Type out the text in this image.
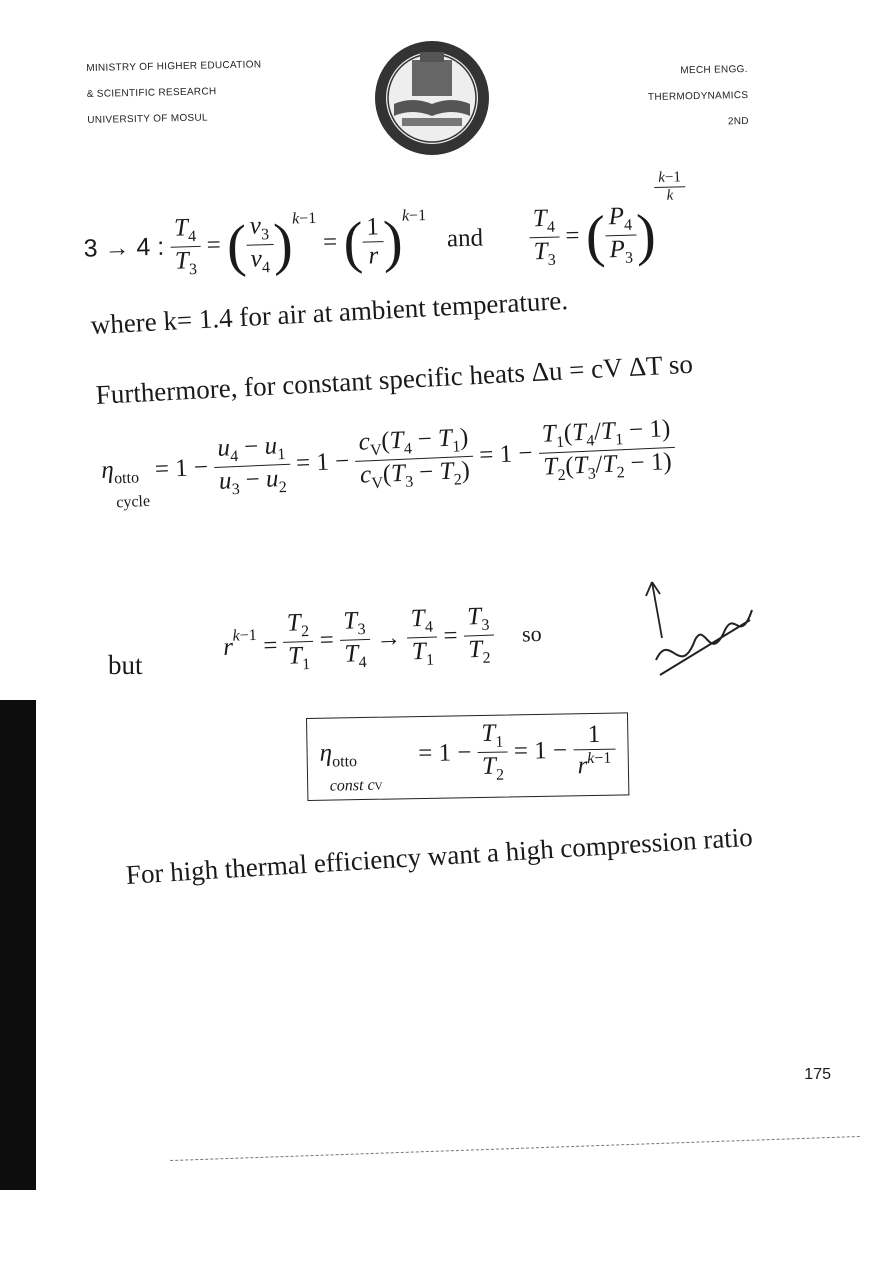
MINISTRY OF HIGHER EDUCATION
& SCIENTIFIC RESEARCH
UNIVERSITY OF MOSUL
MECH ENGG.
THERMODYNAMICS
2ND
3 → 4 : $\frac{T_4}{T_3}$ = (
$\frac{v_3}{v_4}$
)$^{k-1}$ = (
$\frac{1}{r}$
)$^{k-1}$ and $\frac{T_4}{T_3}$ = (
$\frac{P_4}{P_3}$
)
$\frac{k-1}{k}$
where k= 1.4 for air at ambient temperature.
Furthermore, for constant specific heats Δu = cV ΔT so
$\eta_{otto}$ $_{cycle}$ = 1 −
$\frac{u_4 - u_1}{u_3 - u_2} = 1$ −
$\frac{c_V(T_4 - T_1)}{c_V(T_3 - T_2)} = 1$ −
$\frac{T_1(T_4/T_1 - 1)}{T_2(T_3/T_2 - 1)}$
but
$r^{k-1}$ =
$\frac{T_2}{T_1}$ =
$\frac{T_3}{T_4}$ →
$\frac{T_4}{T_1}$ =
$\frac{T_3}{T_2}$ so
$\eta_{otto}$ $_{const cV} = 1 - \frac{T_1}{T_2} = 1 - \frac{1}{r^{k-1}}$
For high thermal efficiency want a high compression ratio
175
